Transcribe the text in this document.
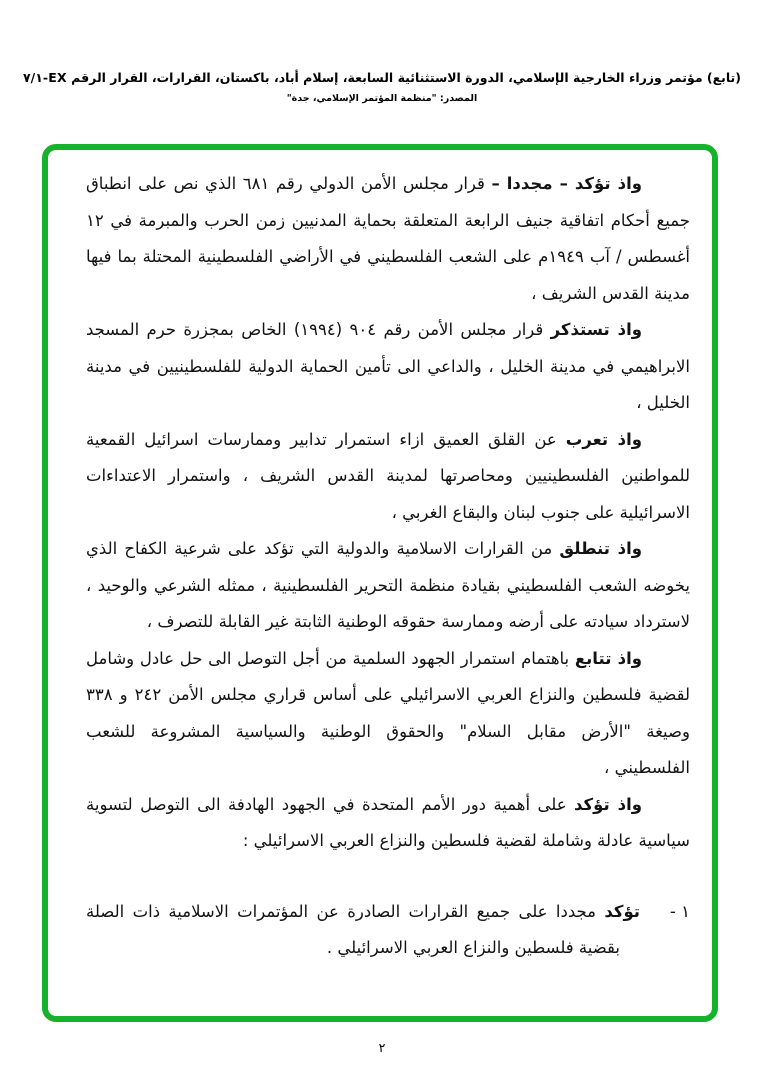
(تابع) مؤتمر وزراء الخارجية الإسلامي، الدورة الاستثنائية السابعة، إسلام أباد، باكستان، القرارات، القرار الرقم EX-٧/١
المصدر: "منظمة المؤتمر الإسلامي، جدة"

واذ تؤكد – مجددا – قرار مجلس الأمن الدولي رقم ٦٨١ الذي نص على انطباق جميع أحكام اتفاقية جنيف الرابعة المتعلقة بحماية المدنيين زمن الحرب والمبرمة في ١٢ أغسطس / آب ١٩٤٩م على الشعب الفلسطيني في الأراضي الفلسطينية المحتلة بما فيها مدينة القدس الشريف ،

واذ تستذكر قرار مجلس الأمن رقم ٩٠٤ (١٩٩٤) الخاص بمجزرة حرم المسجد الابراهيمي في مدينة الخليل ، والداعي الى تأمين الحماية الدولية للفلسطينيين في مدينة الخليل ،

واذ تعرب عن القلق العميق ازاء استمرار تدابير وممارسات اسرائيل القمعية للمواطنين الفلسطينيين ومحاصرتها لمدينة القدس الشريف ، واستمرار الاعتداءات الاسرائيلية على جنوب لبنان والبقاع الغربي ،

واذ تنطلق من القرارات الاسلامية والدولية التي تؤكد على شرعية الكفاح الذي يخوضه الشعب الفلسطيني بقيادة منظمة التحرير الفلسطينية ، ممثله الشرعي والوحيد ، لاسترداد سيادته على أرضه وممارسة حقوقه الوطنية الثابتة غير القابلة للتصرف ،

واذ تتابع باهتمام استمرار الجهود السلمية من أجل التوصل الى حل عادل وشامل لقضية فلسطين والنزاع العربي الاسرائيلي على أساس قراري مجلس الأمن ٢٤٢ و ٣٣٨ وصيغة "الأرض مقابل السلام" والحقوق الوطنية والسياسية المشروعة للشعب الفلسطيني ،

واذ تؤكد على أهمية دور الأمم المتحدة في الجهود الهادفة الى التوصل لتسوية سياسية عادلة وشاملة لقضية فلسطين والنزاع العربي الاسرائيلي :

١ -
تؤكد مجددا على جميع القرارات الصادرة عن المؤتمرات الاسلامية ذات الصلة بقضية فلسطين والنزاع العربي الاسرائيلي .
٢
